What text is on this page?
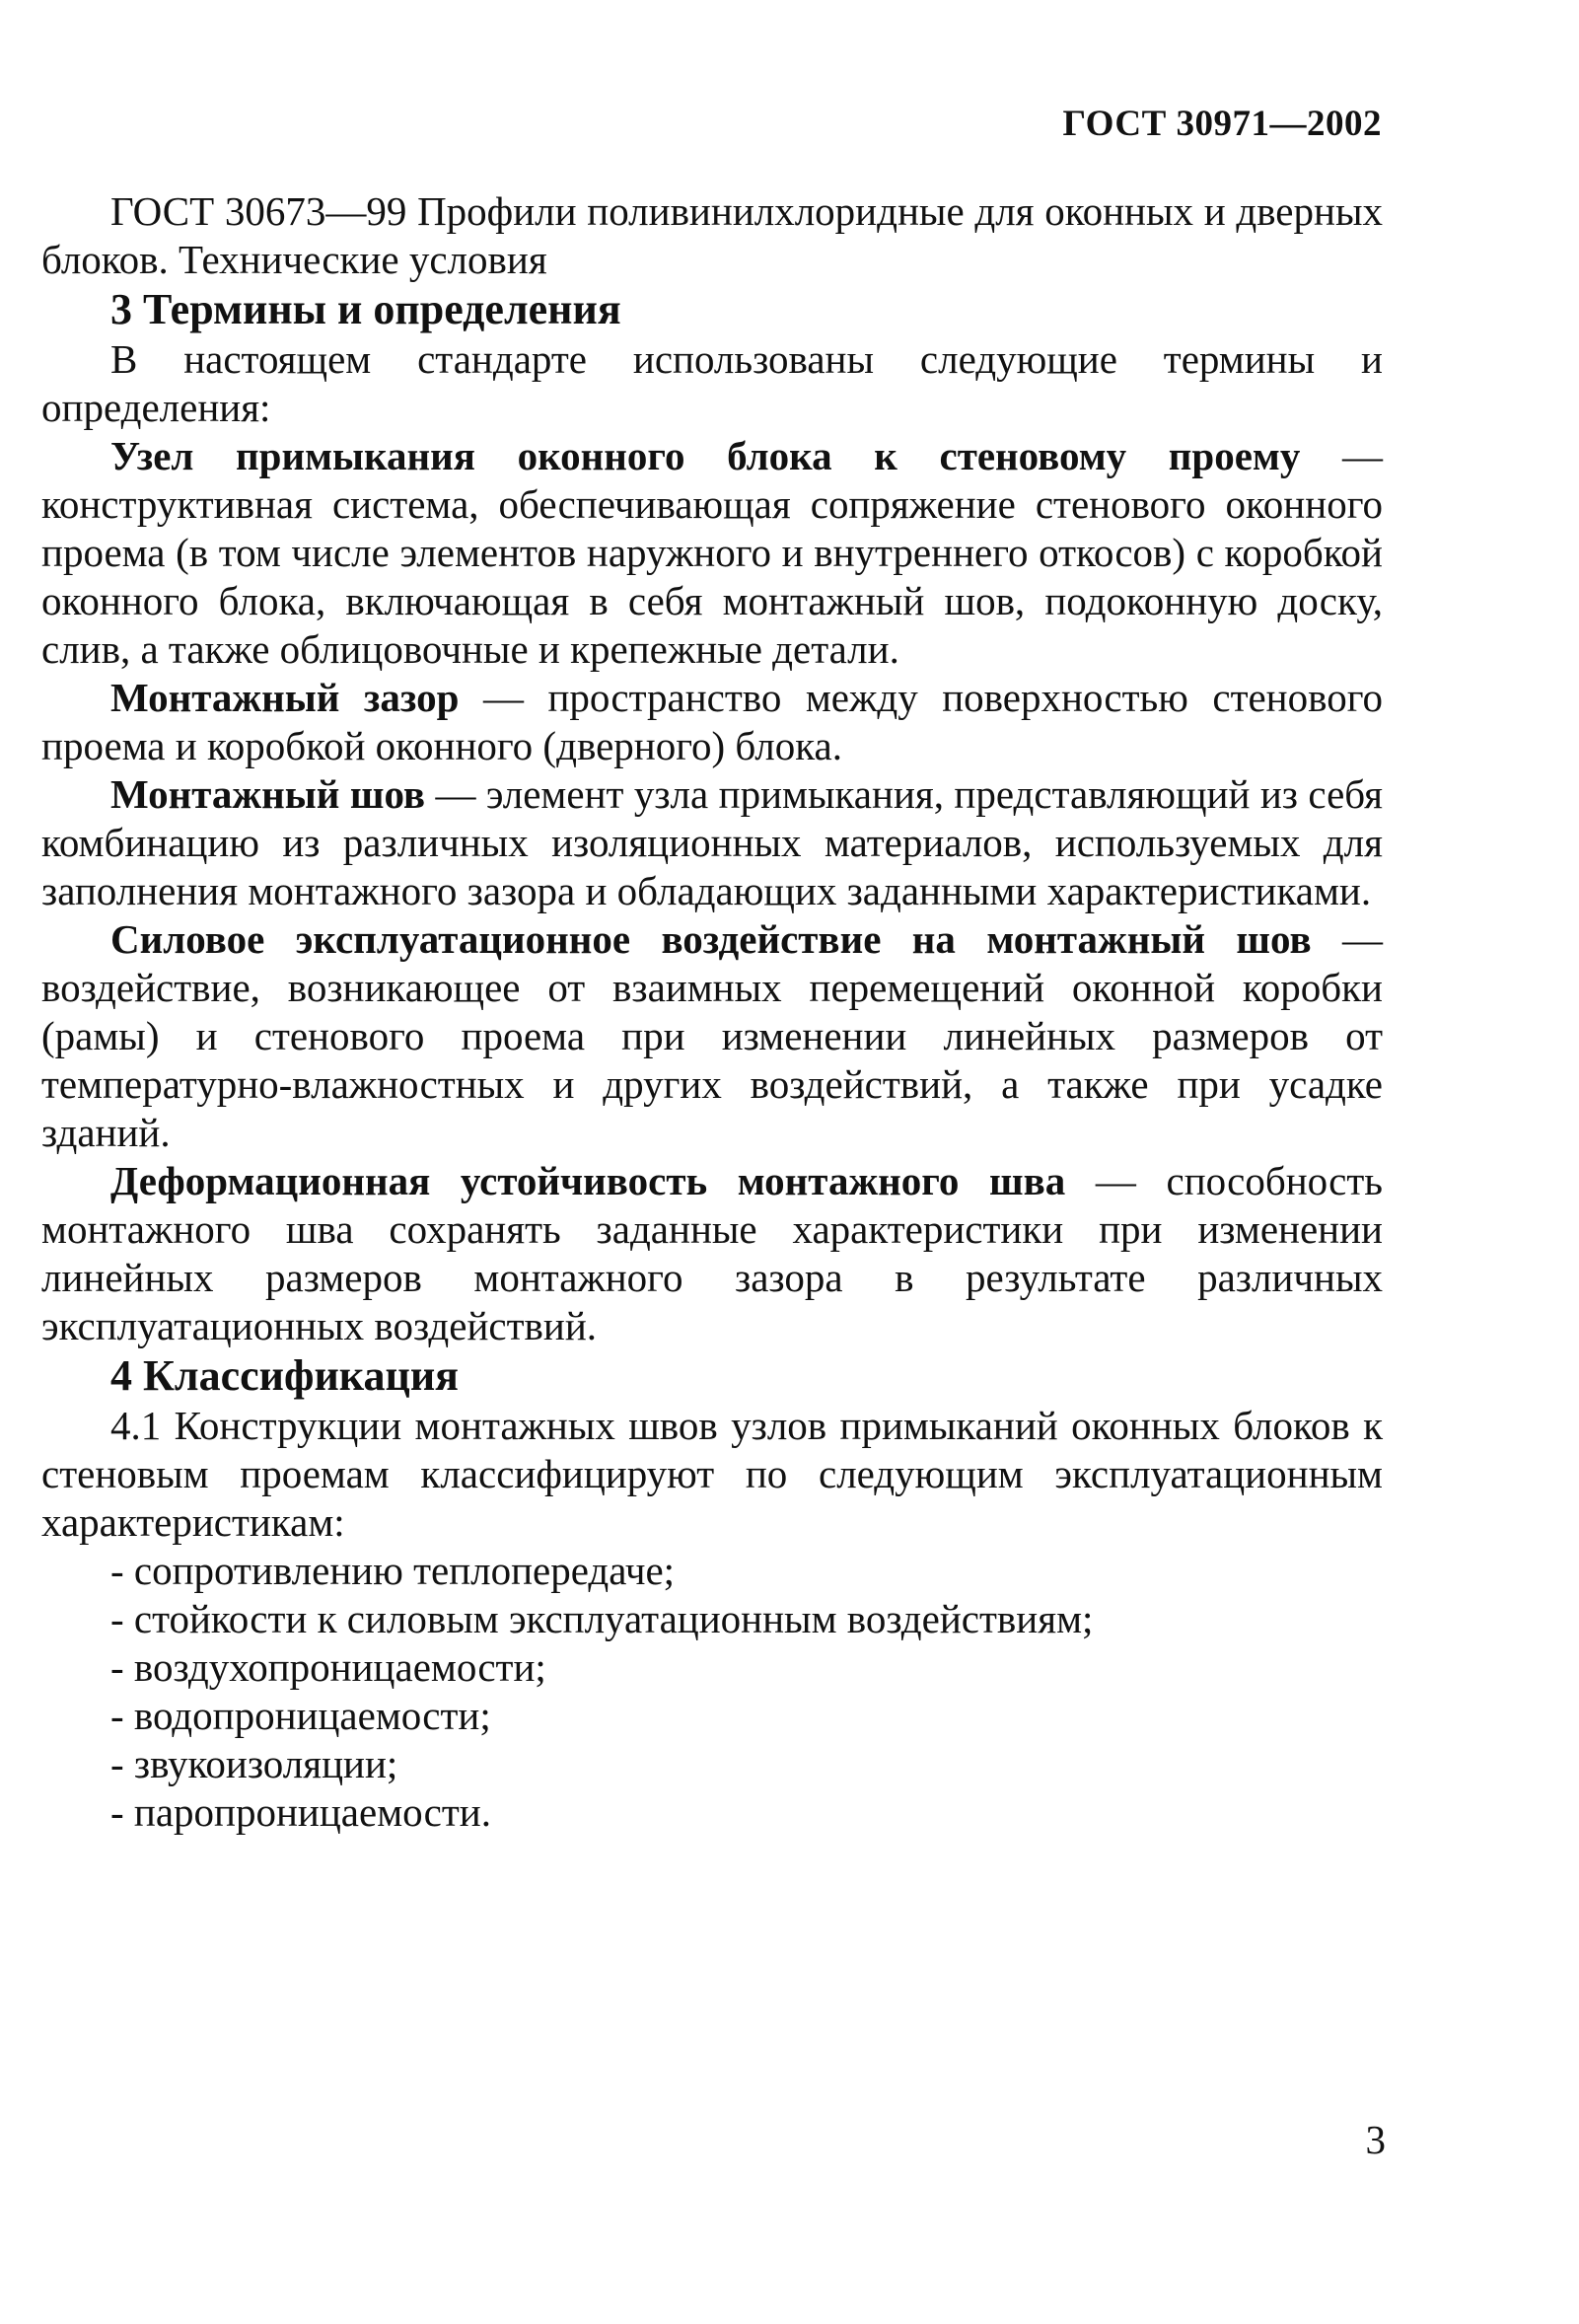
ГОСТ 30971—2002

ГОСТ 30673—99 Профили поливинилхлоридные для оконных и дверных блоков. Технические условия

3 Термины и определения

В настоящем стандарте использованы следующие термины и определения:

Узел примыкания оконного блока к стеновому проему — конструктивная система, обеспечивающая сопряжение стенового оконного проема (в том числе элементов наружного и внутреннего откосов) с коробкой оконного блока, включающая в себя монтажный шов, подоконную доску, слив, а также облицовочные и крепежные детали.

Монтажный зазор — пространство между поверхностью стенового проема и коробкой оконного (дверного) блока.

Монтажный шов — элемент узла примыкания, представляющий из себя комбинацию из различных изоляционных материалов, используемых для заполнения монтажного зазора и обладающих заданными характеристиками.

Силовое эксплуатационное воздействие на монтажный шов — воздействие, возникающее от взаимных перемещений оконной коробки (рамы) и стенового проема при изменении линейных размеров от температурно-влажностных и других воздействий, а также при усадке зданий.

Деформационная устойчивость монтажного шва — способность монтажного шва сохранять заданные характеристики при изменении линейных размеров монтажного зазора в результате различных эксплуатационных воздействий.

4 Классификация

4.1 Конструкции монтажных швов узлов примыканий оконных блоков к стеновым проемам классифицируют по следующим эксплуатационным характеристикам:

- сопротивлению теплопередаче;
- стойкости к силовым эксплуатационным воздействиям;
- воздухопроницаемости;
- водопроницаемости;
- звукоизоляции;
- паропроницаемости.
3
